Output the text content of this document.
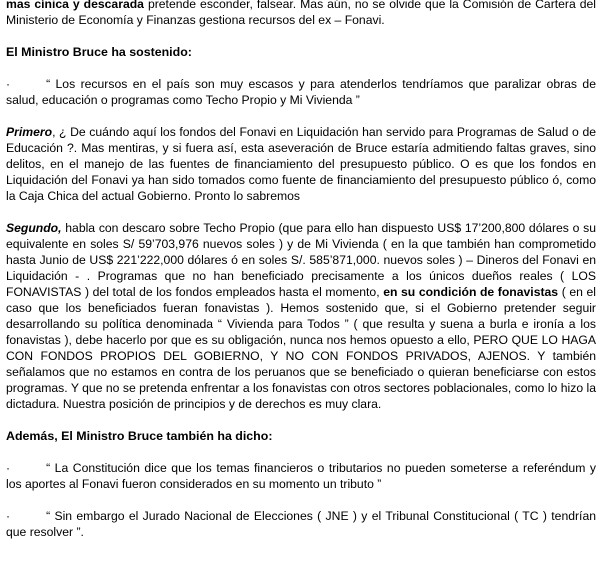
mas cínica y descarada pretende esconder, falsear. Mas aún, no se olvide que la Comisión de Cartera del Ministerio de Economía y Finanzas gestiona recursos del ex – Fonavi.

El Ministro Bruce ha sostenido:

·	“ Los recursos en el país son muy escasos y para atenderlos tendríamos que paralizar obras de salud, educación o programas como Techo Propio y Mi Vivienda ”

Primero, ¿ De cuándo aquí los fondos del Fonavi en Liquidación han servido para Programas de Salud o de Educación ?. Mas mentiras, y si fuera así, esta aseveración de Bruce estaría admitiendo faltas graves, sino delitos, en el manejo de las fuentes de financiamiento del presupuesto público. O es que los fondos en Liquidación del Fonavi ya han sido tomados como fuente de financiamiento del presupuesto público ó, como la Caja Chica del actual Gobierno. Pronto lo sabremos

Segundo, habla con descaro sobre Techo Propio (que para ello han dispuesto US$ 17’200,800 dólares o su equivalente en soles S/ 59’703,976 nuevos soles ) y de Mi Vivienda ( en la que también han comprometido hasta Junio de US$ 221’222,000 dólares ó en soles S/. 585’871,000. nuevos soles ) – Dineros del Fonavi en Liquidación - . Programas que no han beneficiado precisamente a los únicos dueños reales ( LOS FONAVISTAS ) del total de los fondos empleados hasta el momento, en su condición de fonavistas ( en el caso que los beneficiados fueran fonavistas ). Hemos sostenido que, si el Gobierno pretender seguir desarrollando su política denominada “ Vivienda para Todos ” ( que resulta y suena a burla e ironía a los fonavistas ), debe hacerlo por que es su obligación, nunca nos hemos opuesto a ello, PERO QUE LO HAGA CON FONDOS PROPIOS DEL GOBIERNO, Y NO CON FONDOS PRIVADOS, AJENOS. Y también señalamos que no estamos en contra de los peruanos que se beneficiado o quieran beneficiarse con estos programas. Y que no se pretenda enfrentar a los fonavistas con otros sectores poblacionales, como lo hizo la dictadura. Nuestra posición de principios y de derechos es muy clara.

Además, El Ministro Bruce también ha dicho:

·	“ La Constitución dice que los temas financieros o tributarios no pueden someterse a referéndum y los aportes al Fonavi fueron considerados en su momento un tributo ”

·	“ Sin embargo el Jurado Nacional de Elecciones ( JNE ) y el Tribunal Constitucional ( TC ) tendrían que resolver ”.
